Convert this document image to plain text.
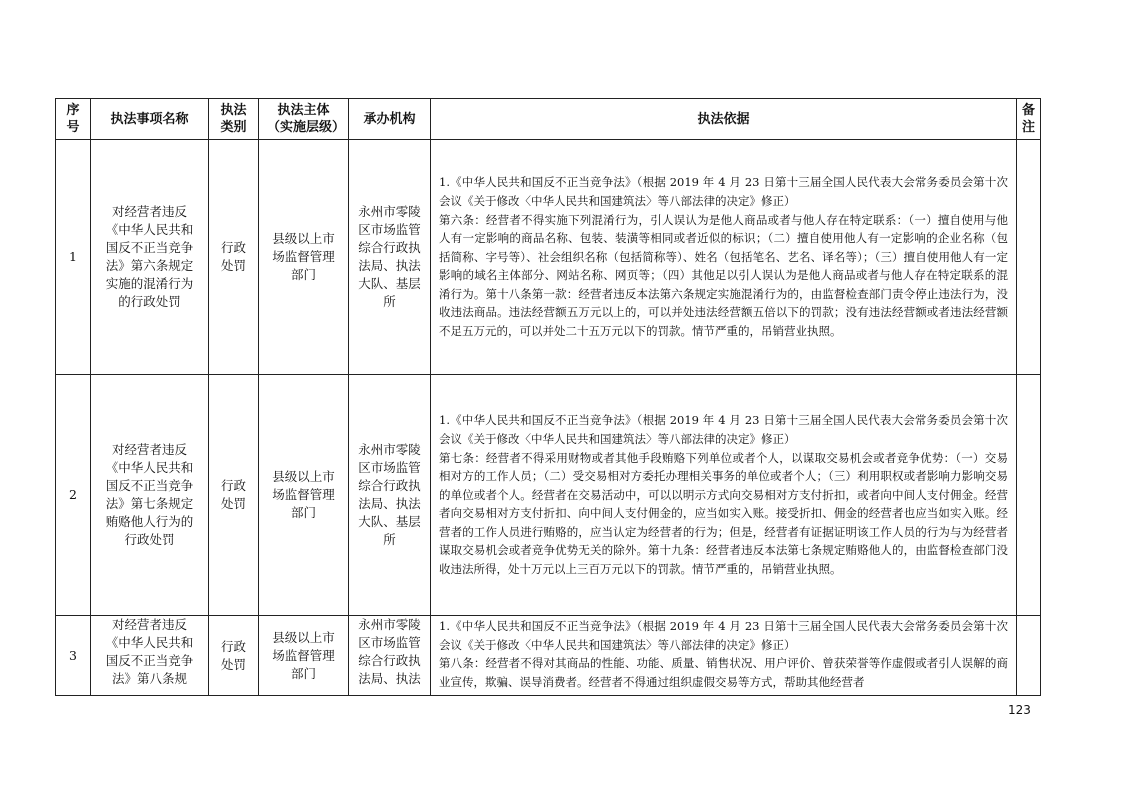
序号	执法事项名称	执法类别	执法主体（实施层级）	承办机构	执法依据	备注
1	对经营者违反《中华人民共和国反不正当竞争法》第六条规定实施的混淆行为的行政处罚	行政处罚	县级以上市场监督管理部门	永州市零陵区市场监管综合行政执法局、执法大队、基层所	1.《中华人民共和国反不正当竞争法》（根据 2019 年 4 月 23 日第十三届全国人民代表大会常务委员会第十次会议《关于修改〈中华人民共和国建筑法〉等八部法律的决定》修正）

第六条：经营者不得实施下列混淆行为，引人误认为是他人商品或者与他人存在特定联系：（一）擅自使用与他人有一定影响的商品名称、包装、装潢等相同或者近似的标识；（二）擅自使用他人有一定影响的企业名称（包括简称、字号等）、社会组织名称（包括简称等）、姓名（包括笔名、艺名、译名等）；（三）擅自使用他人有一定影响的域名主体部分、网站名称、网页等；（四）其他足以引人误认为是他人商品或者与他人存在特定联系的混淆行为。第十八条第一款：经营者违反本法第六条规定实施混淆行为的，由监督检查部门责令停止违法行为，没收违法商品。违法经营额五万元以上的，可以并处违法经营额五倍以下的罚款；没有违法经营额或者违法经营额不足五万元的，可以并处二十五万元以下的罚款。情节严重的，吊销营业执照。	

2	对经营者违反《中华人民共和国反不正当竞争法》第七条规定贿赂他人行为的行政处罚	行政处罚	县级以上市场监督管理部门	永州市零陵区市场监管综合行政执法局、执法大队、基层所	1.《中华人民共和国反不正当竞争法》（根据 2019 年 4 月 23 日第十三届全国人民代表大会常务委员会第十次会议《关于修改〈中华人民共和国建筑法〉等八部法律的决定》修正）

第七条：经营者不得采用财物或者其他手段贿赂下列单位或者个人，以谋取交易机会或者竞争优势：（一）交易相对方的工作人员；（二）受交易相对方委托办理相关事务的单位或者个人；（三）利用职权或者影响力影响交易的单位或者个人。经营者在交易活动中，可以以明示方式向交易相对方支付折扣，或者向中间人支付佣金。经营者向交易相对方支付折扣、向中间人支付佣金的，应当如实入账。接受折扣、佣金的经营者也应当如实入账。经营者的工作人员进行贿赂的，应当认定为经营者的行为；但是，经营者有证据证明该工作人员的行为与为经营者谋取交易机会或者竞争优势无关的除外。第十九条：经营者违反本法第七条规定贿赂他人的，由监督检查部门没收违法所得，处十万元以上三百万元以下的罚款。情节严重的，吊销营业执照。	

3	对经营者违反《中华人民共和国反不正当竞争法》第八条规	行政处罚	县级以上市场监督管理部门	永州市零陵区市场监管综合行政执法局、执法	1.《中华人民共和国反不正当竞争法》（根据 2019 年 4 月 23 日第十三届全国人民代表大会常务委员会第十次会议《关于修改〈中华人民共和国建筑法〉等八部法律的决定》修正）

第八条：经营者不得对其商品的性能、功能、质量、销售状况、用户评价、曾获荣誉等作虚假或者引人误解的商业宣传，欺骗、误导消费者。经营者不得通过组织虚假交易等方式，帮助其他经营者	

123
